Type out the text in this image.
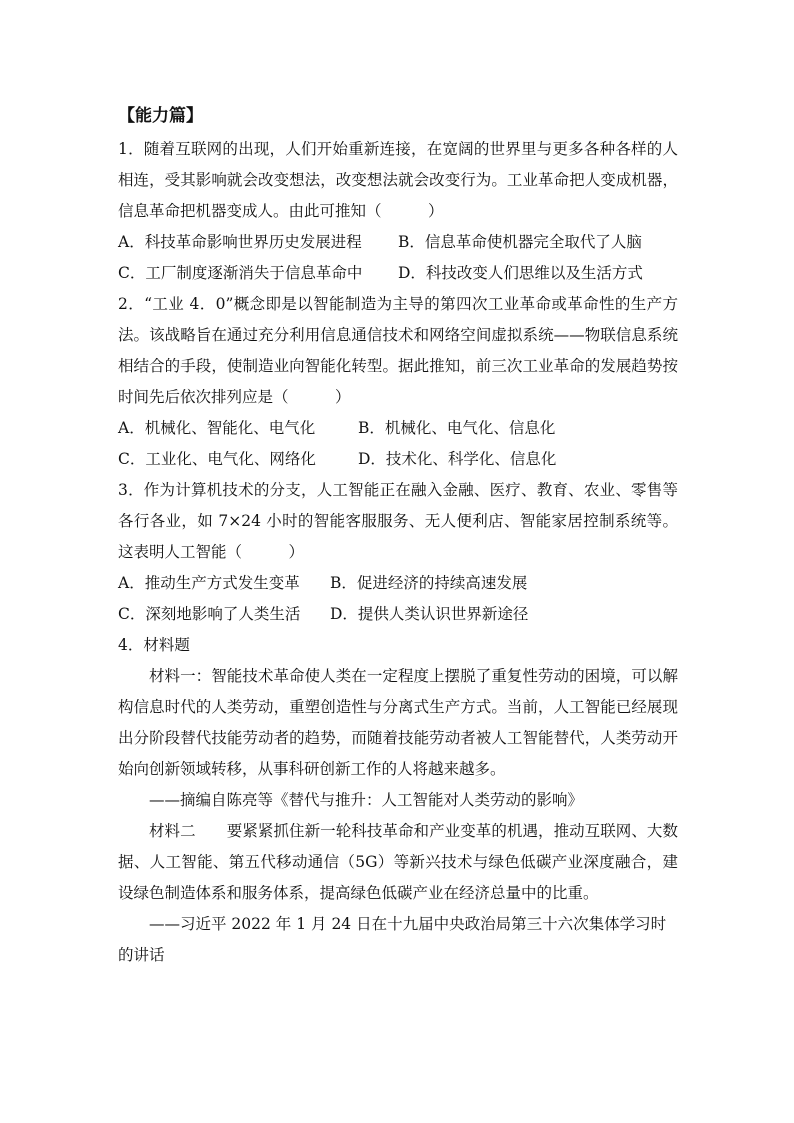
【能力篇】

1．随着互联网的出现，人们开始重新连接，在宽阔的世界里与更多各种各样的人相连，受其影响就会改变想法，改变想法就会改变行为。工业革命把人变成机器，信息革命把机器变成人。由此可推知（　　　）

A．科技革命影响世界历史发展进程	B．信息革命使机器完全取代了人脑
C．工厂制度逐渐消失于信息革命中	D．科技改变人们思维以及生活方式

2．“工业 4．0”概念即是以智能制造为主导的第四次工业革命或革命性的生产方法。该战略旨在通过充分利用信息通信技术和网络空间虚拟系统——物联信息系统相结合的手段，使制造业向智能化转型。据此推知，前三次工业革命的发展趋势按时间先后依次排列应是（　　　）

A．机械化、智能化、电气化	B．机械化、电气化、信息化
C．工业化、电气化、网络化	D．技术化、科学化、信息化

3．作为计算机技术的分支，人工智能正在融入金融、医疗、教育、农业、零售等各行各业，如 7×24 小时的智能客服服务、无人便利店、智能家居控制系统等。这表明人工智能（　　　）

A．推动生产方式发生变革	B．促进经济的持续高速发展
C．深刻地影响了人类生活	D．提供人类认识世界新途径

4．材料题

材料一：智能技术革命使人类在一定程度上摆脱了重复性劳动的困境，可以解构信息时代的人类劳动，重塑创造性与分离式生产方式。当前，人工智能已经展现出分阶段替代技能劳动者的趋势，而随着技能劳动者被人工智能替代，人类劳动开始向创新领域转移，从事科研创新工作的人将越来越多。

——摘编自陈亮等《替代与推升：人工智能对人类劳动的影响》

材料二　　要紧紧抓住新一轮科技革命和产业变革的机遇，推动互联网、大数据、人工智能、第五代移动通信（5G）等新兴技术与绿色低碳产业深度融合，建设绿色制造体系和服务体系，提高绿色低碳产业在经济总量中的比重。

——习近平 2022 年 1 月 24 日在十九届中央政治局第三十六次集体学习时的讲话
